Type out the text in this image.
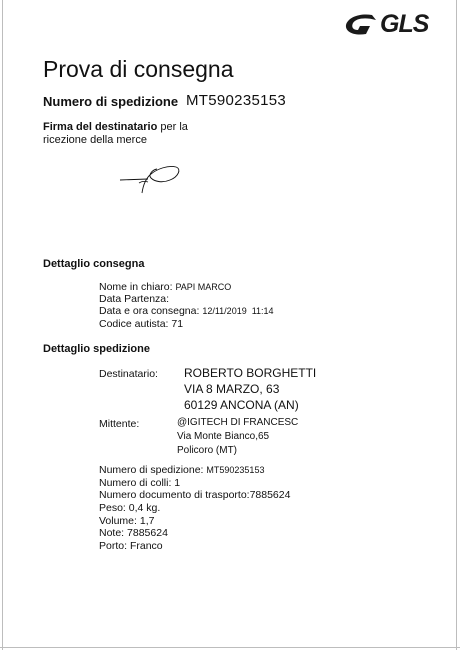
GLS
Prova di consegna
Numero di spedizione MT590235153
Firma del destinatario per la ricezione della merce
Dettaglio consegna
Nome in chiaro: PAPI MARCO
Data Partenza:
Data e ora consegna: 12/11/2019  11:14
Codice autista: 71
Dettaglio spedizione
Destinatario: ROBERTO BORGHETTI
VIA 8 MARZO, 63
60129 ANCONA (AN)
Mittente:	@IGITECH DI FRANCESC
Via Monte Bianco,65
Policoro (MT)
Numero di spedizione: MT590235153
Numero di colli: 1
Numero documento di trasporto:7885624
Peso: 0,4 kg.
Volume: 1,7
Note: 7885624
Porto: Franco
